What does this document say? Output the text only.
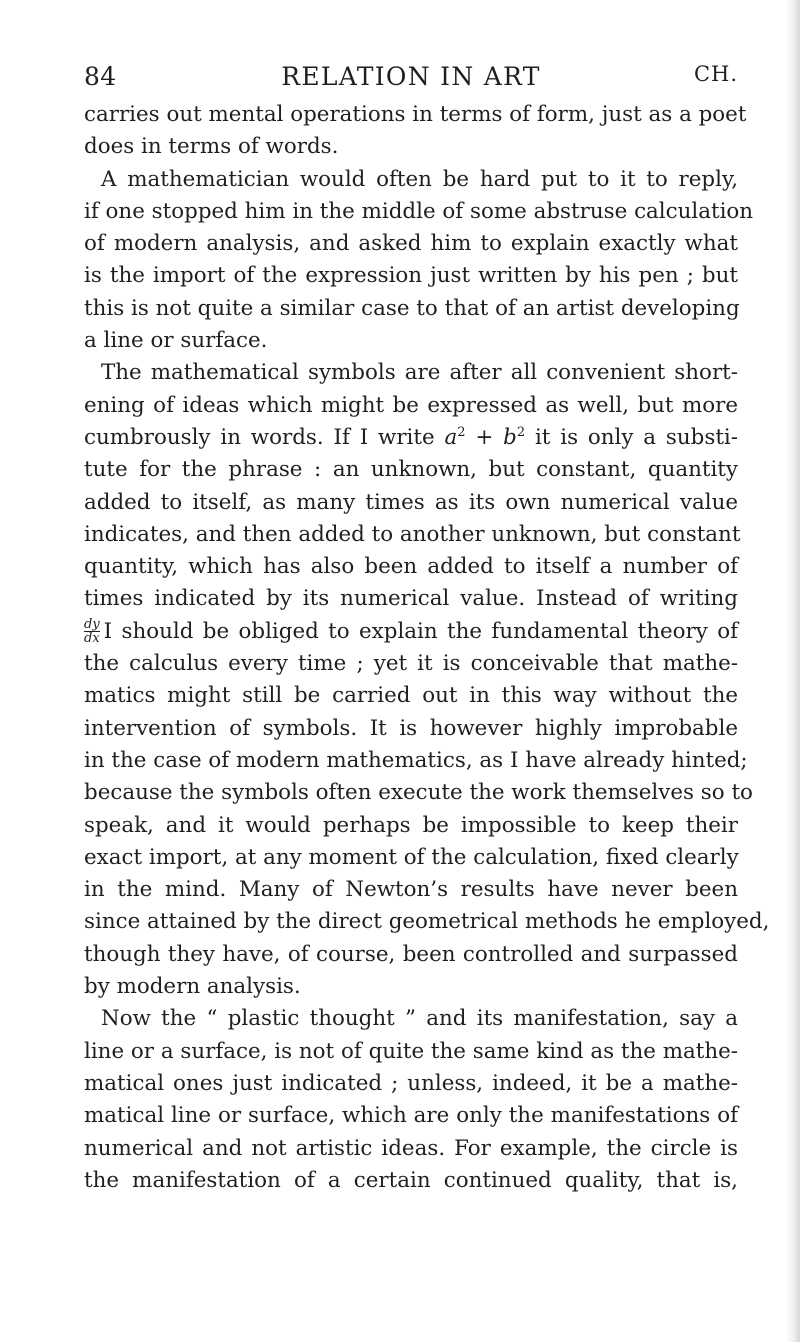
84	RELATION IN ART	CH.
carries out mental operations in terms of form, just as a poet
does in terms of words.
A mathematician would often be hard put to it to reply,
if one stopped him in the middle of some abstruse calculation
of modern analysis, and asked him to explain exactly what
is the import of the expression just written by his pen ; but
this is not quite a similar case to that of an artist developing
a line or surface.
The mathematical symbols are after all convenient short-
ening of ideas which might be expressed as well, but more
cumbrously in words. If I write $a^2 + b^2$ it is only a substi-
tute for the phrase : an unknown, but constant, quantity
added to itself, as many times as its own numerical value
indicates, and then added to another unknown, but constant
quantity, which has also been added to itself a number of
times indicated by its numerical value. Instead of writing
$\frac{dy}{dx}$ I should be obliged to explain the fundamental theory of
the calculus every time ; yet it is conceivable that mathe-
matics might still be carried out in this way without the
intervention of symbols. It is however highly improbable
in the case of modern mathematics, as I have already hinted;
because the symbols often execute the work themselves so to
speak, and it would perhaps be impossible to keep their
exact import, at any moment of the calculation, fixed clearly
in the mind. Many of Newton’s results have never been
since attained by the direct geometrical methods he employed,
though they have, of course, been controlled and surpassed
by modern analysis.
Now the “ plastic thought ” and its manifestation, say a
line or a surface, is not of quite the same kind as the mathe-
matical ones just indicated ; unless, indeed, it be a mathe-
matical line or surface, which are only the manifestations of
numerical and not artistic ideas. For example, the circle is
the manifestation of a certain continued quality, that is,
